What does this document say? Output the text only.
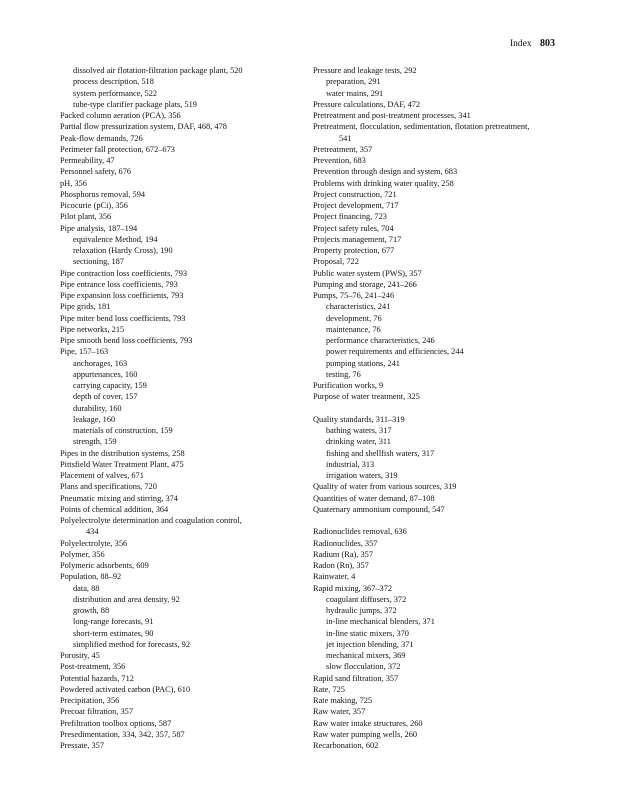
Index 803

dissolved air flotation-filtration package plant, 520

process description, 518

system performance, 522

tube-type clarifier package plats, 519

Packed column aeration (PCA), 356

Partial flow pressurization system, DAF, 468, 478

Peak-flow demands, 726

Perimeter fall protection, 672–673

Permeability, 47

Personnel safety, 676

pH, 356

Phosphorus removal, 594

Picocurie (pCi), 356

Pilot plant, 356

Pipe analysis, 187–194

equivalence Method, 194

relaxation (Hardy Cross), 190

sectioning, 187

Pipe contraction loss coefficients, 793

Pipe entrance loss coefficients, 793

Pipe expansion loss coefficients, 793

Pipe grids, 181

Pipe miter bend loss coefficients, 793

Pipe networks, 215

Pipe smooth bend loss coefficients, 793

Pipe, 157–163

anchorages, 163

appurtenances, 160

carrying capacity, 159

depth of cover, 157

durability, 160

leakage, 160

materials of construction, 159

strength, 159

Pipes in the distribution systems, 258

Pittsfield Water Treatment Plant, 475

Placement of valves, 671

Plans and specifications, 720

Pneumatic mixing and stirring, 374

Points of chemical addition, 364

Polyelectrolyte determination and coagulation control,

434

Polyelectrolyte, 356

Polymer, 356

Polymeric adsorbents, 609

Population, 88–92

data, 88

distribution and area density, 92

growth, 88

long-range forecasts, 91

short-term estimates, 90

simplified method for forecasts, 92

Porosity, 45

Post-treatment, 356

Potential hazards, 712

Powdered activated carbon (PAC), 610

Precipitation, 356

Precoat filtration, 357

Prefiltration toolbox options, 587

Presedimentation, 334, 342, 357, 587

Pressate, 357

Pressure and leakage tests, 292

preparation, 291

water mains, 291

Pressure calculations, DAF, 472

Pretreatment and post-treatment processes, 341

Pretreatment, flocculation, sedimentation, flotation pretreatment,

541

Pretreatment, 357

Prevention, 683

Prevention through design and system, 683

Problems with drinking water quality, 258

Project construction, 721

Project development, 717

Project financing, 723

Project safety rules, 704

Projects management, 717

Property protection, 677

Proposal, 722

Public water system (PWS), 357

Pumping and storage, 241–266

Pumps, 75–76, 241–246

characteristics, 241

development, 76

maintenance, 76

performance characteristics, 246

power requirements and efficiencies, 244

pumping stations, 241

testing, 76

Purification works, 9

Purpose of water treatment, 325

Quality standards, 311–319

bathing waters, 317

drinking water, 311

fishing and shellfish waters, 317

industrial, 313

irrigation waters, 319

Quality of water from various sources, 319

Quantities of water demand, 87–108

Quaternary ammonium compound, 547

Radionuclides removal, 636

Radionuclides, 357

Radium (Ra), 357

Radon (Rn), 357

Rainwater, 4

Rapid mixing, 367–372

coagulant diffusers, 372

hydraulic jumps, 372

in-line mechanical blenders, 371

in-line static mixers, 370

jet injection blending, 371

mechanical mixers, 369

slow flocculation, 372

Rapid sand filtration, 357

Rate, 725

Rate making, 725

Raw water, 357

Raw water intake structures, 260

Raw water pumping wells, 260

Recarbonation, 602
